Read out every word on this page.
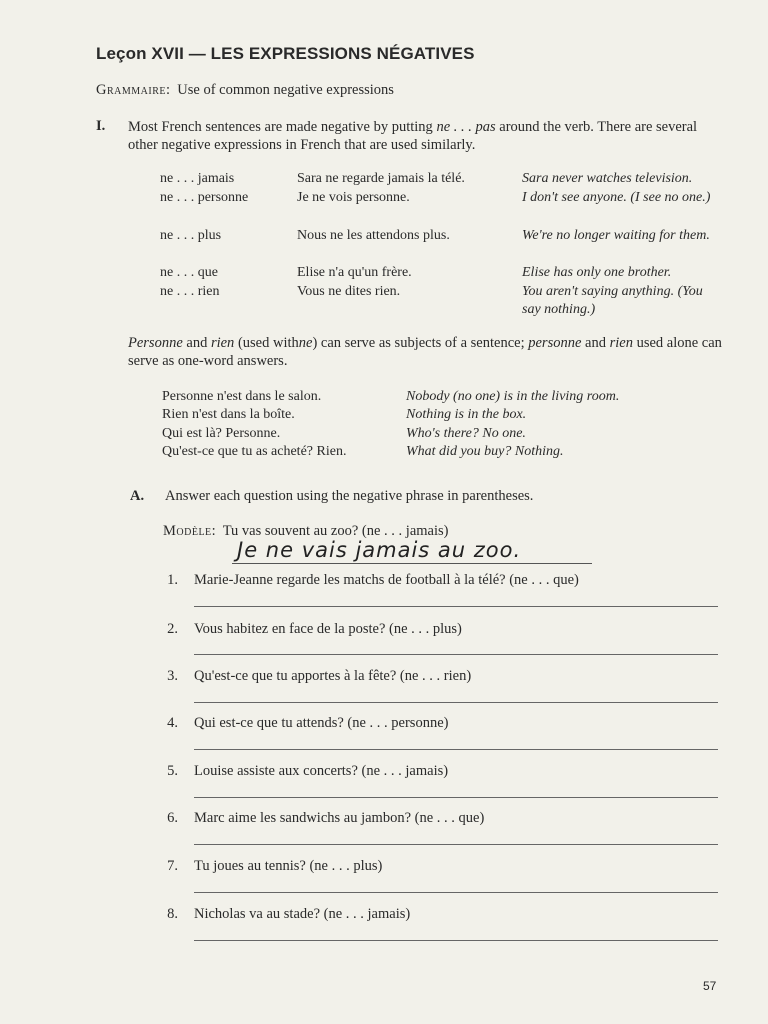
Leçon XVII — LES EXPRESSIONS NÉGATIVES
Grammaire:  Use of common negative expressions
I. Most French sentences are made negative by putting ne . . . pas around the verb. There are several other negative expressions in French that are used similarly.
ne . . . jamais	Sara ne regarde jamais la télé.	Sara never watches television.
ne . . . personne	Je ne vois personne.	I don't see anyone. (I see no one.)
ne . . . plus	Nous ne les attendons plus.	We're no longer waiting for them.
ne . . . que	Elise n'a qu'un frère.	Elise has only one brother.
ne . . . rien	Vous ne dites rien.	You aren't saying anything. (You say nothing.)
Personne and rien (used withne) can serve as subjects of a sentence; personne and rien used alone can serve as one-word answers.
Personne n'est dans le salon.	Nobody (no one) is in the living room.
Rien n'est dans la boîte.	Nothing is in the box.
Qui est là? Personne.	Who's there? No one.
Qu'est-ce que tu as acheté? Rien.	What did you buy? Nothing.
A. Answer each question using the negative phrase in parentheses.
Modèle:  Tu vas souvent au zoo? (ne . . . jamais)
Je ne vais jamais au zoo.
1. Marie-Jeanne regarde les matchs de football à la télé? (ne . . . que)
2. Vous habitez en face de la poste? (ne . . . plus)
3. Qu'est-ce que tu apportes à la fête? (ne . . . rien)
4. Qui est-ce que tu attends? (ne . . . personne)
5. Louise assiste aux concerts? (ne . . . jamais)
6. Marc aime les sandwichs au jambon? (ne . . . que)
7. Tu joues au tennis? (ne . . . plus)
8. Nicholas va au stade? (ne . . . jamais)
57
